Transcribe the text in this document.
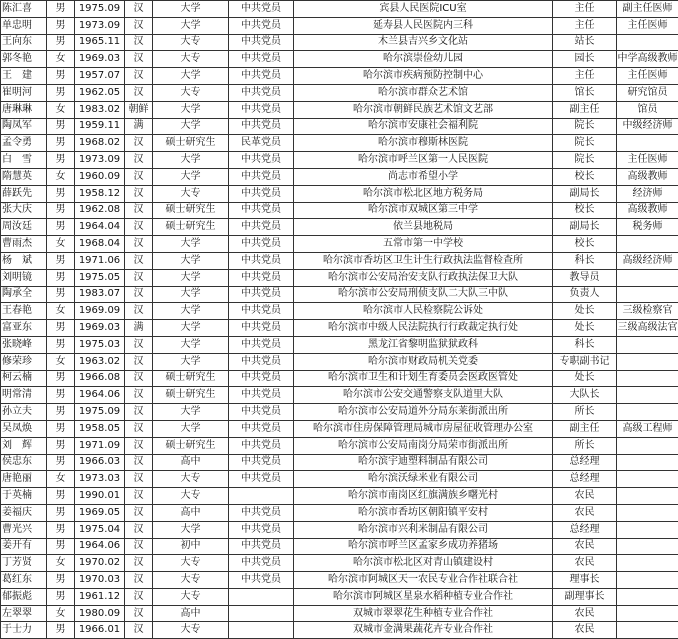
陈汇喜	男	1975.09	汉	大学	中共党员	宾县人民医院ICU室	主任	副主任医师
单忠明	男	1973.09	汉	大学	中共党员	延寿县人民医院内三科	主任	主任医师
王向东	男	1965.11	汉	大专	中共党员	木兰县吉兴乡文化站	站长	
郭冬艳	女	1969.03	汉	大专	中共党员	哈尔滨崇俭幼儿园	园长	中学高级教师
王　建	男	1957.07	汉	大学	中共党员	哈尔滨市疾病预防控制中心	主任	主任医师
崔明河	男	1962.05	汉	大专	中共党员	哈尔滨市群众艺术馆	馆长	研究馆员
唐琳琳	女	1983.02	朝鲜	大学	中共党员	哈尔滨市朝鲜民族艺术馆文艺部	副主任	馆员
陶凤军	男	1959.11	满	大学	中共党员	哈尔滨市安康社会福利院	院长	中级经济师
孟令勇	男	1968.02	汉	硕士研究生	民革党员	哈尔滨市穆斯林医院	院长	
白　雪	男	1973.09	汉	大学	中共党员	哈尔滨市呼兰区第一人民医院	院长	主任医师
隋慧英	女	1960.09	汉	大学	中共党员	尚志市希望小学	校长	高级教师
薛跃先	男	1958.12	汉	大专	中共党员	哈尔滨市松北区地方税务局	副局长	经济师
张大庆	男	1962.08	汉	硕士研究生	中共党员	哈尔滨市双城区第三中学	校长	高级教师
周汝廷	男	1964.04	汉	硕士研究生	中共党员	依兰县地税局	副局长	税务师
曹雨杰	女	1968.04	汉	大学	中共党员	五常市第一中学校	校长	
杨　斌	男	1971.06	汉	大学	中共党员	哈尔滨市香坊区卫生计生行政执法监督检查所	科长	高级经济师
刘明镜	男	1975.05	汉	大学	中共党员	哈尔滨市公安局治安支队行政执法保卫大队	教导员	
陶承全	男	1983.07	汉	大学	中共党员	哈尔滨市公安局刑侦支队二大队三中队	负责人	
王春艳	女	1969.09	汉	大学	中共党员	哈尔滨市人民检察院公诉处	处长	三级检察官
富亚东	男	1969.03	满	大学	中共党员	哈尔滨市中级人民法院执行行政裁定执行处	处长	三级高级法官
张晓峰	男	1975.03	汉	大学	中共党员	黑龙江省黎明监狱狱政科	科长	
修荣珍	女	1963.02	汉	大学	中共党员	哈尔滨市财政局机关党委	专职副书记	
柯云楠	男	1966.08	汉	硕士研究生	中共党员	哈尔滨市卫生和计划生育委员会医政医管处	处长	
明常清	男	1964.06	汉	硕士研究生	中共党员	哈尔滨市公安交通警察支队道里大队	大队长	
孙立夫	男	1975.09	汉	大学	中共党员	哈尔滨市公安局道外分局东莱街派出所	所长	
吴凤焕	男	1958.05	汉	大学	中共党员	哈尔滨市住房保障管理局城市房屋征收管理办公室	副主任	高级工程师
刘　辉	男	1971.09	汉	硕士研究生	中共党员	哈尔滨市公安局南岗分局荣市街派出所	所长	
侯忠东	男	1966.03	汉	高中	中共党员	哈尔滨宇迪塑料制品有限公司	总经理	
唐艳丽	女	1973.03	汉	大专	中共党员	哈尔滨沃绿米业有限公司	总经理	
于英楠	男	1990.01	汉	大专		哈尔滨市南岗区红旗满族乡曙光村	农民	
姜福庆	男	1969.05	汉	高中	中共党员	哈尔滨市香坊区朝阳镇平安村	农民	
曹光兴	男	1975.04	汉	大学	中共党员	哈尔滨市兴利米制品有限公司	总经理	
姜开有	男	1964.06	汉	初中	中共党员	哈尔滨市呼兰区孟家乡成功养猪场	农民	
丁芳贤	女	1970.02	汉	大专	中共党员	哈尔滨市松北区对青山镇建设村	农民	
葛红东	男	1970.03	汉	大专	中共党员	哈尔滨市阿城区天一农民专业合作社联合社	理事长	
郁振彪	男	1961.12	汉	大专		哈尔滨市阿城区星泉水稻种植专业合作社	副理事长	
左翠翠	女	1980.09	汉	高中		双城市翠翠花生种植专业合作社	农民	
于士力	男	1966.01	汉	大专		双城市金满果蔬花卉专业合作社	农民	
